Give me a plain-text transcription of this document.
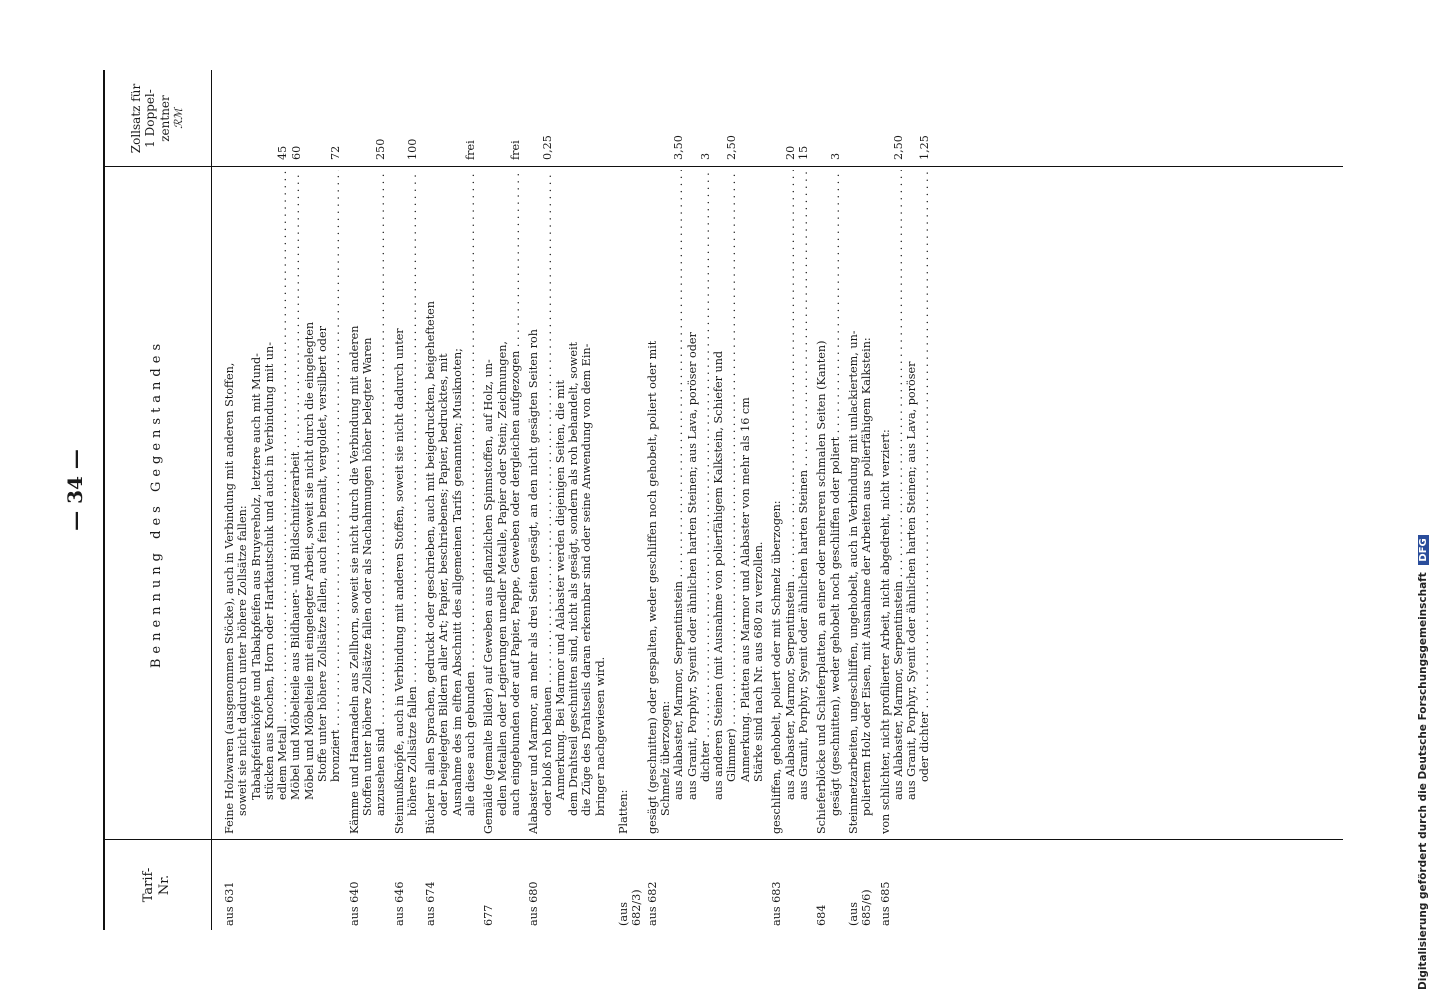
— 34 —
Tarif-
Nr.
Benennung des Gegenstandes
Zollsatz für
1 Doppel-
zentner ℛℳ
aus 631
45 60 72
Feine Holzwaren (ausgenommen Stöcke), auch in Verbindung mit anderen Stoffen, soweit sie nicht dadurch unter höhere Zollsätze fallen: Tabakpfeifenköpfe und Tabakpfeifen aus Bruyereholz, letztere auch mit Mund- stücken aus Knochen, Horn oder Hartkautschuk und auch in Verbindung mit un- edlem Metall . . . Möbel und Möbelteile aus Bildhauer- und Bildschnitzerarbeit . . . Möbel und Möbelteile mit eingelegter Arbeit, soweit sie nicht durch die eingelegten Stoffe unter höhere Zollsätze fallen, auch fein bemalt, vergoldet, versilbert oder bronziert . . .
aus 640
250
Kämme und Haarnadeln aus Zellhorn, soweit sie nicht durch die Verbindung mit anderen Stoffen unter höhere Zollsätze fallen oder als Nachahmungen höher belegter Waren anzusehen sind . . .
aus 646
100
Steinnußknöpfe, auch in Verbindung mit anderen Stoffen, soweit sie nicht dadurch unter höhere Zollsätze fallen . . .
aus 674
frei
Bücher in allen Sprachen, gedruckt oder geschrieben, auch mit beigedruckten, beigehefteten oder beigelegten Bildern aller Art; Papier, beschriebenes; Papier, bedrucktes, mit Ausnahme des im elften Abschnitt des allgemeinen Tarifs genannten; Musiknoten; alle diese auch gebunden . . .
677
frei
Gemälde (gemalte Bilder) auf Geweben aus pflanzlichen Spinnstoffen, auf Holz, un- edlen Metallen oder Legierungen unedler Metalle, Papier oder Stein; Zeichnungen, auch eingebunden oder auf Papier, Pappe, Geweben oder dergleichen aufgezogen . . .
aus 680
0,25
Alabaster und Marmor, an mehr als drei Seiten gesägt, an den nicht gesägten Seiten roh oder bloß roh behauen . . . Anmerkung. Bei Marmor und Alabaster werden diejenigen Seiten, die mit dem Drahtseil geschnitten sind, nicht als gesägt, sondern als roh behandelt, soweit die Züge des Drahtseils daran erkennbar sind oder seine Anwendung von dem Ein- bringer nachgewiesen wird.
(aus
682/3)
Platten:
aus 682
3,50 3 2,50
gesägt (geschnitten) oder gespalten, weder geschliffen noch gehobelt, poliert oder mit Schmelz überzogen: aus Alabaster, Marmor, Serpentinstein . . . aus Granit, Porphyr, Syenit oder ähnlichen harten Steinen; aus Lava, poröser oder dichter . . . aus anderen Steinen (mit Ausnahme von polierfähigem Kalkstein, Schiefer und Glimmer) . . . Anmerkung. Platten aus Marmor und Alabaster von mehr als 16 cm Stärke sind nach Nr. aus 680 zu verzollen.
aus 683
20 15
geschliffen, gehobelt, poliert oder mit Schmelz überzogen: aus Alabaster, Marmor, Serpentinstein . . . aus Granit, Porphyr, Syenit oder ähnlichen harten Steinen . . .
684
3
Schieferblöcke und Schieferplatten, an einer oder mehreren schmalen Seiten (Kanten) gesägt (geschnitten), weder gehobelt noch geschliffen oder poliert . . .
(aus
685/6)
Steinmetzarbeiten, ungeschliffen, ungehobelt, auch in Verbindung mit unlackiertem, un- poliertem Holz oder Eisen, mit Ausnahme der Arbeiten aus polierfähigem Kalkstein:
aus 685
2,50 1,25
von schlichter, nicht profilierter Arbeit, nicht abgedreht, nicht verziert: aus Alabaster, Marmor, Serpentinstein . . . aus Granit, Porphyr, Syenit oder ähnlichen harten Steinen; aus Lava, poröser oder dichter . . .	Digitalisierung gefördert durch die Deutsche Forschungsgemeinschaft DFG
